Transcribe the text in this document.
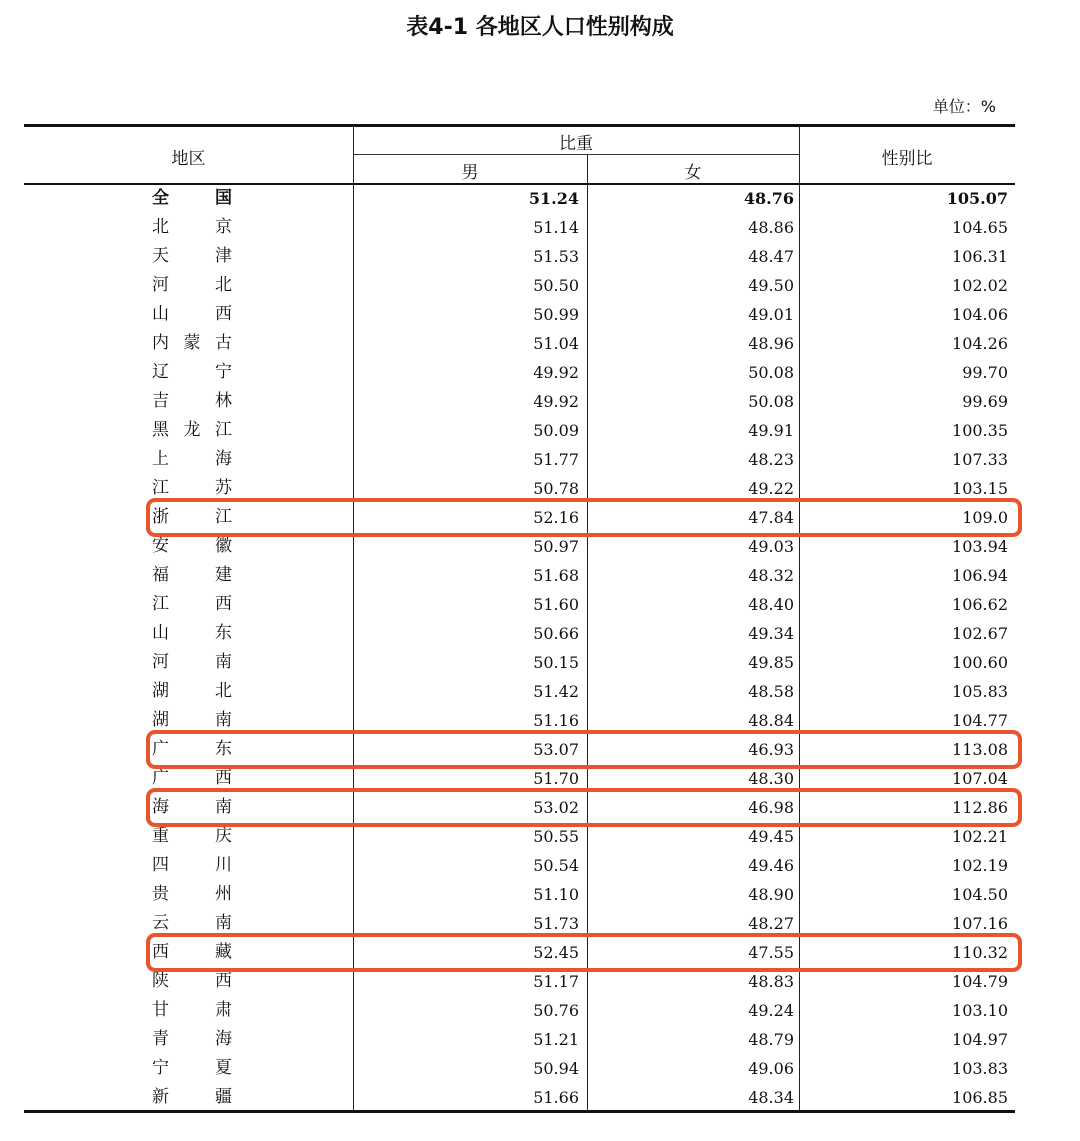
表4-1 各地区人口性别构成
单位：%
地区
比重
男	女
性别比
全　国	51.24	48.76	105.07
北　京	51.14	48.86	104.65
天　津	51.53	48.47	106.31
河　北	50.50	49.50	102.02
山　西	50.99	49.01	104.06
内蒙古	51.04	48.96	104.26
辽　宁	49.92	50.08	99.70
吉　林	49.92	50.08	99.69
黑龙江	50.09	49.91	100.35
上　海	51.77	48.23	107.33
江　苏	50.78	49.22	103.15
浙　江	52.16	47.84	109.0
安　徽	50.97	49.03	103.94
福　建	51.68	48.32	106.94
江　西	51.60	48.40	106.62
山　东	50.66	49.34	102.67
河　南	50.15	49.85	100.60
湖　北	51.42	48.58	105.83
湖　南	51.16	48.84	104.77
广　东	53.07	46.93	113.08
广　西	51.70	48.30	107.04
海　南	53.02	46.98	112.86
重　庆	50.55	49.45	102.21
四　川	50.54	49.46	102.19
贵　州	51.10	48.90	104.50
云　南	51.73	48.27	107.16
西　藏	52.45	47.55	110.32
陕　西	51.17	48.83	104.79
甘　肃	50.76	49.24	103.10
青　海	51.21	48.79	104.97
宁　夏	50.94	49.06	103.83
新　疆	51.66	48.34	106.85
